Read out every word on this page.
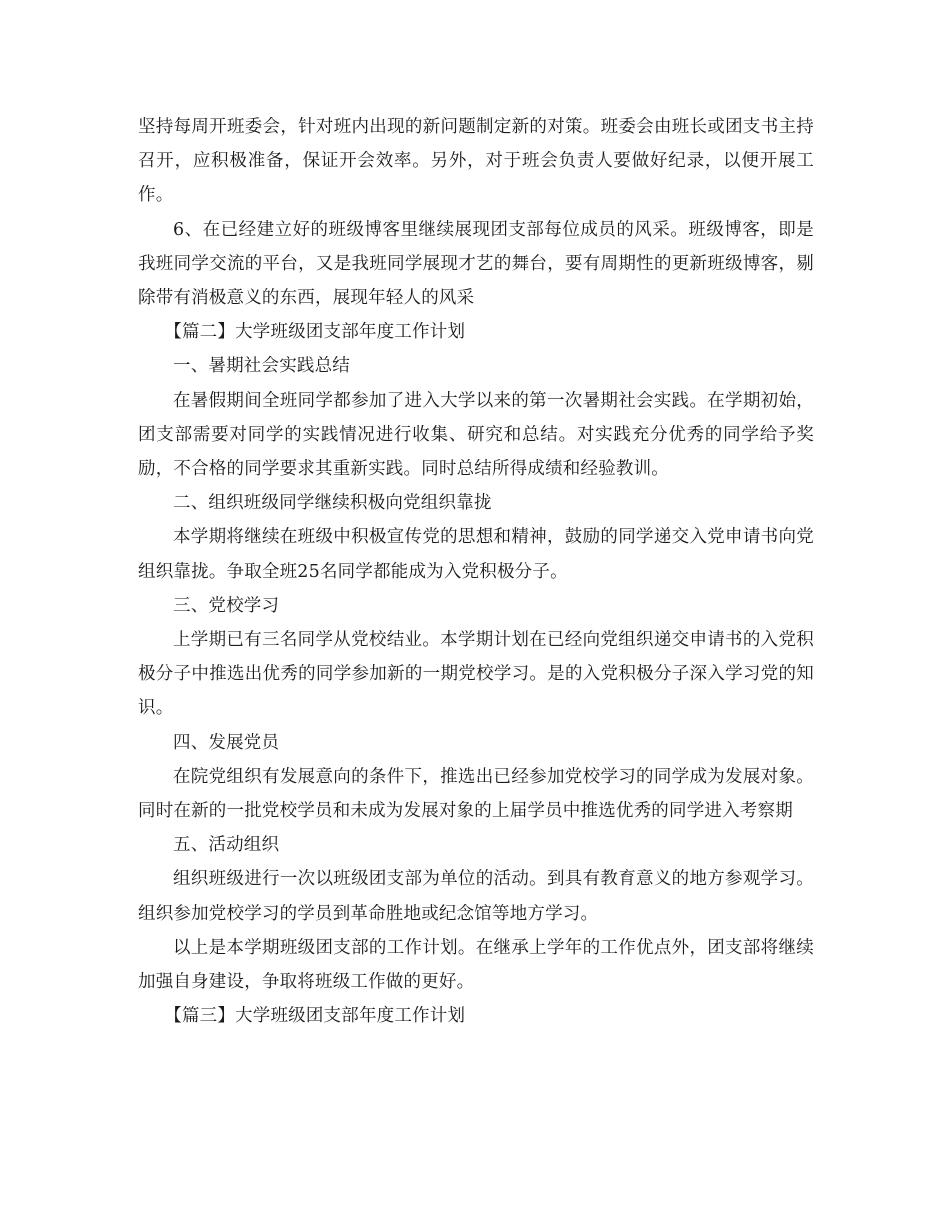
坚持每周开班委会，针对班内出现的新问题制定新的对策。班委会由班长或团支书主持召开，应积极准备，保证开会效率。另外，对于班会负责人要做好纪录，以便开展工作。

6、在已经建立好的班级博客里继续展现团支部每位成员的风采。班级博客，即是我班同学交流的平台，又是我班同学展现才艺的舞台，要有周期性的更新班级博客，剔除带有消极意义的东西，展现年轻人的风采

【篇二】大学班级团支部年度工作计划

一、暑期社会实践总结

在暑假期间全班同学都参加了进入大学以来的第一次暑期社会实践。在学期初始，团支部需要对同学的实践情况进行收集、研究和总结。对实践充分优秀的同学给予奖励，不合格的同学要求其重新实践。同时总结所得成绩和经验教训。

二、组织班级同学继续积极向党组织靠拢

本学期将继续在班级中积极宣传党的思想和精神，鼓励的同学递交入党申请书向党组织靠拢。争取全班25名同学都能成为入党积极分子。

三、党校学习

上学期已有三名同学从党校结业。本学期计划在已经向党组织递交申请书的入党积极分子中推选出优秀的同学参加新的一期党校学习。是的入党积极分子深入学习党的知识。

四、发展党员

在院党组织有发展意向的条件下，推选出已经参加党校学习的同学成为发展对象。同时在新的一批党校学员和未成为发展对象的上届学员中推选优秀的同学进入考察期

五、活动组织

组织班级进行一次以班级团支部为单位的活动。到具有教育意义的地方参观学习。组织参加党校学习的学员到革命胜地或纪念馆等地方学习。

以上是本学期班级团支部的工作计划。在继承上学年的工作优点外，团支部将继续加强自身建设，争取将班级工作做的更好。

【篇三】大学班级团支部年度工作计划
